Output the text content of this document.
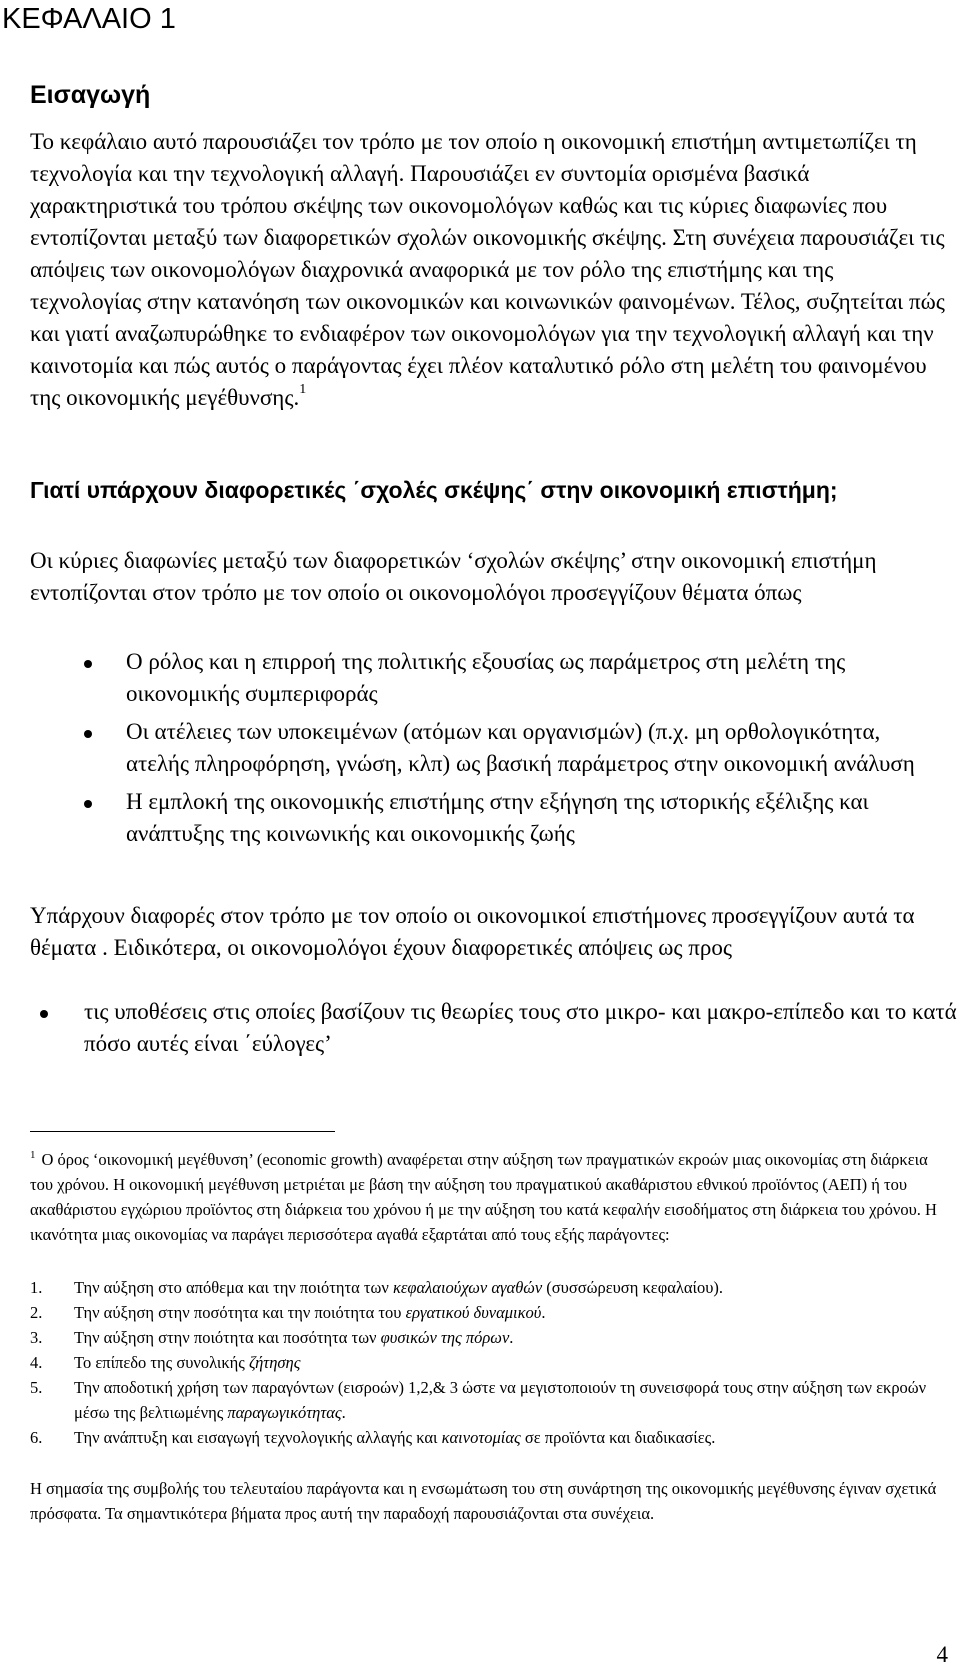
ΚΕΦΑΛΑΙΟ 1
Εισαγωγή

Το κεφάλαιο αυτό παρουσιάζει τον τρόπο με τον οποίο η οικονομική επιστήμη αντιμετωπίζει τη τεχνολογία και την τεχνολογική αλλαγή. Παρουσιάζει εν συντομία ορισμένα βασικά χαρακτηριστικά του τρόπου σκέψης των οικονομολόγων καθώς και τις κύριες διαφωνίες που εντοπίζονται μεταξύ των διαφορετικών σχολών οικονομικής σκέψης. Στη συνέχεια παρουσιάζει τις απόψεις των οικονομολόγων διαχρονικά αναφορικά με τον ρόλο της επιστήμης και της τεχνολογίας στην κατανόηση των οικονομικών και κοινωνικών φαινομένων. Τέλος, συζητείται πώς και γιατί αναζωπυρώθηκε το ενδιαφέρον των οικονομολόγων για την τεχνολογική αλλαγή και την καινοτομία και πώς αυτός ο παράγοντας έχει πλέον καταλυτικό ρόλο στη μελέτη του φαινομένου της οικονομικής μεγέθυνσης.$^1$

Γιατί υπάρχουν διαφορετικές ΄σχολές σκέψης΄ στην οικονομική επιστήμη;

Οι κύριες διαφωνίες μεταξύ των διαφορετικών ‘σχολών σκέψης’ στην οικονομική επιστήμη εντοπίζονται στον τρόπο με τον οποίο οι οικονομολόγοι προσεγγίζουν θέματα όπως

Ο ρόλος και η επιρροή της πολιτικής εξουσίας ως παράμετρος στη μελέτη της οικονομικής συμπεριφοράς
Οι ατέλειες των υποκειμένων (ατόμων και οργανισμών) (π.χ. μη ορθολογικότητα, ατελής πληροφόρηση, γνώση, κλπ) ως βασική παράμετρος στην οικονομική ανάλυση
Η εμπλοκή της οικονομικής επιστήμης στην εξήγηση της ιστορικής εξέλιξης και ανάπτυξης της κοινωνικής και οικονομικής ζωής

Υπάρχουν διαφορές στον τρόπο με τον οποίο οι οικονομικοί επιστήμονες προσεγγίζουν αυτά τα θέματα . Ειδικότερα, οι οικονομολόγοι έχουν διαφορετικές απόψεις ως προς

τις υποθέσεις στις οποίες βασίζουν τις θεωρίες τους στο μικρο- και μακρο-επίπεδο και το κατά πόσο αυτές είναι ΄εύλογες’

$^1$ Ο όρος ‘οικονομική μεγέθυνση’ (economic growth) αναφέρεται στην αύξηση των πραγματικών εκροών μιας οικονομίας στη διάρκεια του χρόνου. Η οικονομική μεγέθυνση μετριέται με βάση την αύξηση του πραγματικού ακαθάριστου εθνικού προϊόντος (ΑΕΠ) ή του ακαθάριστου εγχώριου προϊόντος στη διάρκεια του χρόνου ή με την αύξηση του κατά κεφαλήν εισοδήματος στη διάρκεια του χρόνου. Η ικανότητα μιας οικονομίας να παράγει περισσότερα αγαθά εξαρτάται από τους εξής παράγοντες:

1. Την αύξηση στο απόθεμα και την ποιότητα των κεφαλαιούχων αγαθών (συσσώρευση κεφαλαίου).
2. Την αύξηση στην ποσότητα και την ποιότητα του εργατικού δυναμικού.
3. Την αύξηση στην ποιότητα και ποσότητα των φυσικών της πόρων.
4. Το επίπεδο της συνολικής ζήτησης
5. Την αποδοτική χρήση των παραγόντων (εισροών) 1,2,& 3 ώστε να μεγιστοποιούν τη συνεισφορά τους στην αύξηση των εκροών μέσω της βελτιωμένης παραγωγικότητας.
6. Την ανάπτυξη και εισαγωγή τεχνολογικής αλλαγής και καινοτομίας σε προϊόντα και διαδικασίες.

Η σημασία της συμβολής του τελευταίου παράγοντα και η ενσωμάτωση του στη συνάρτηση της οικονομικής μεγέθυνσης έγιναν σχετικά πρόσφατα. Τα σημαντικότερα βήματα προς αυτή την παραδοχή παρουσιάζονται στα συνέχεια.

4
